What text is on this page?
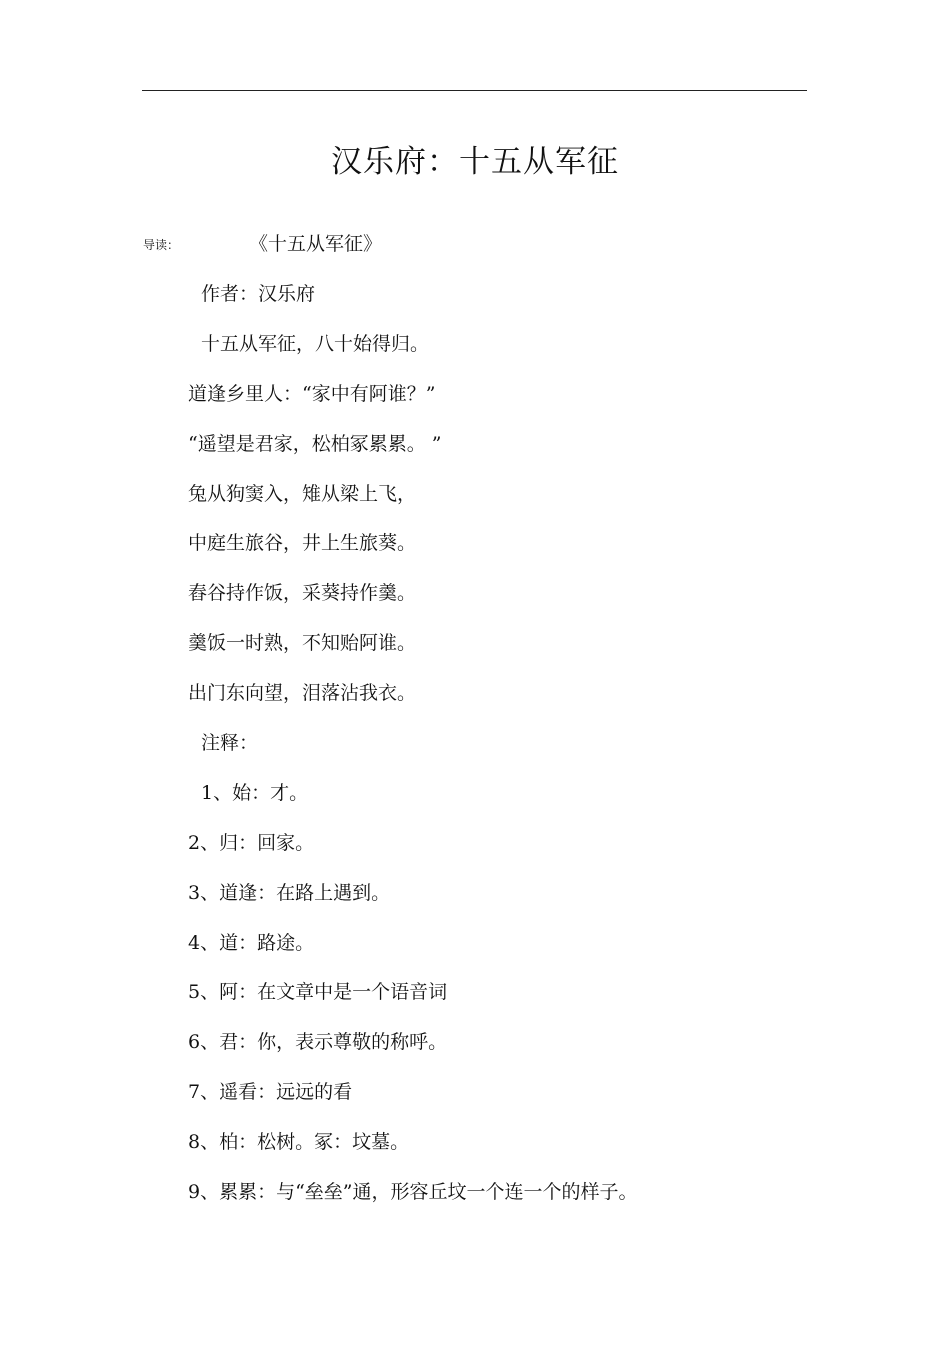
汉乐府：十五从军征
导读：	《十五从军征》
作者：汉乐府
十五从军征，八十始得归。
道逢乡里人：“家中有阿谁？”
“遥望是君家，松柏冢累累。 ”
兔从狗窦入，雉从梁上飞，
中庭生旅谷，井上生旅葵。
舂谷持作饭，采葵持作羹。
羹饭一时熟，不知贻阿谁。
出门东向望，泪落沾我衣。
注释：
1、始：才。
2、归：回家。
3、道逢：在路上遇到。
4、道：路途。
5、阿：在文章中是一个语音词
6、君：你，表示尊敬的称呼。
7、遥看：远远的看
8、柏：松树。冢：坟墓。
9、累累：与“垒垒”通，形容丘坟一个连一个的样子。
